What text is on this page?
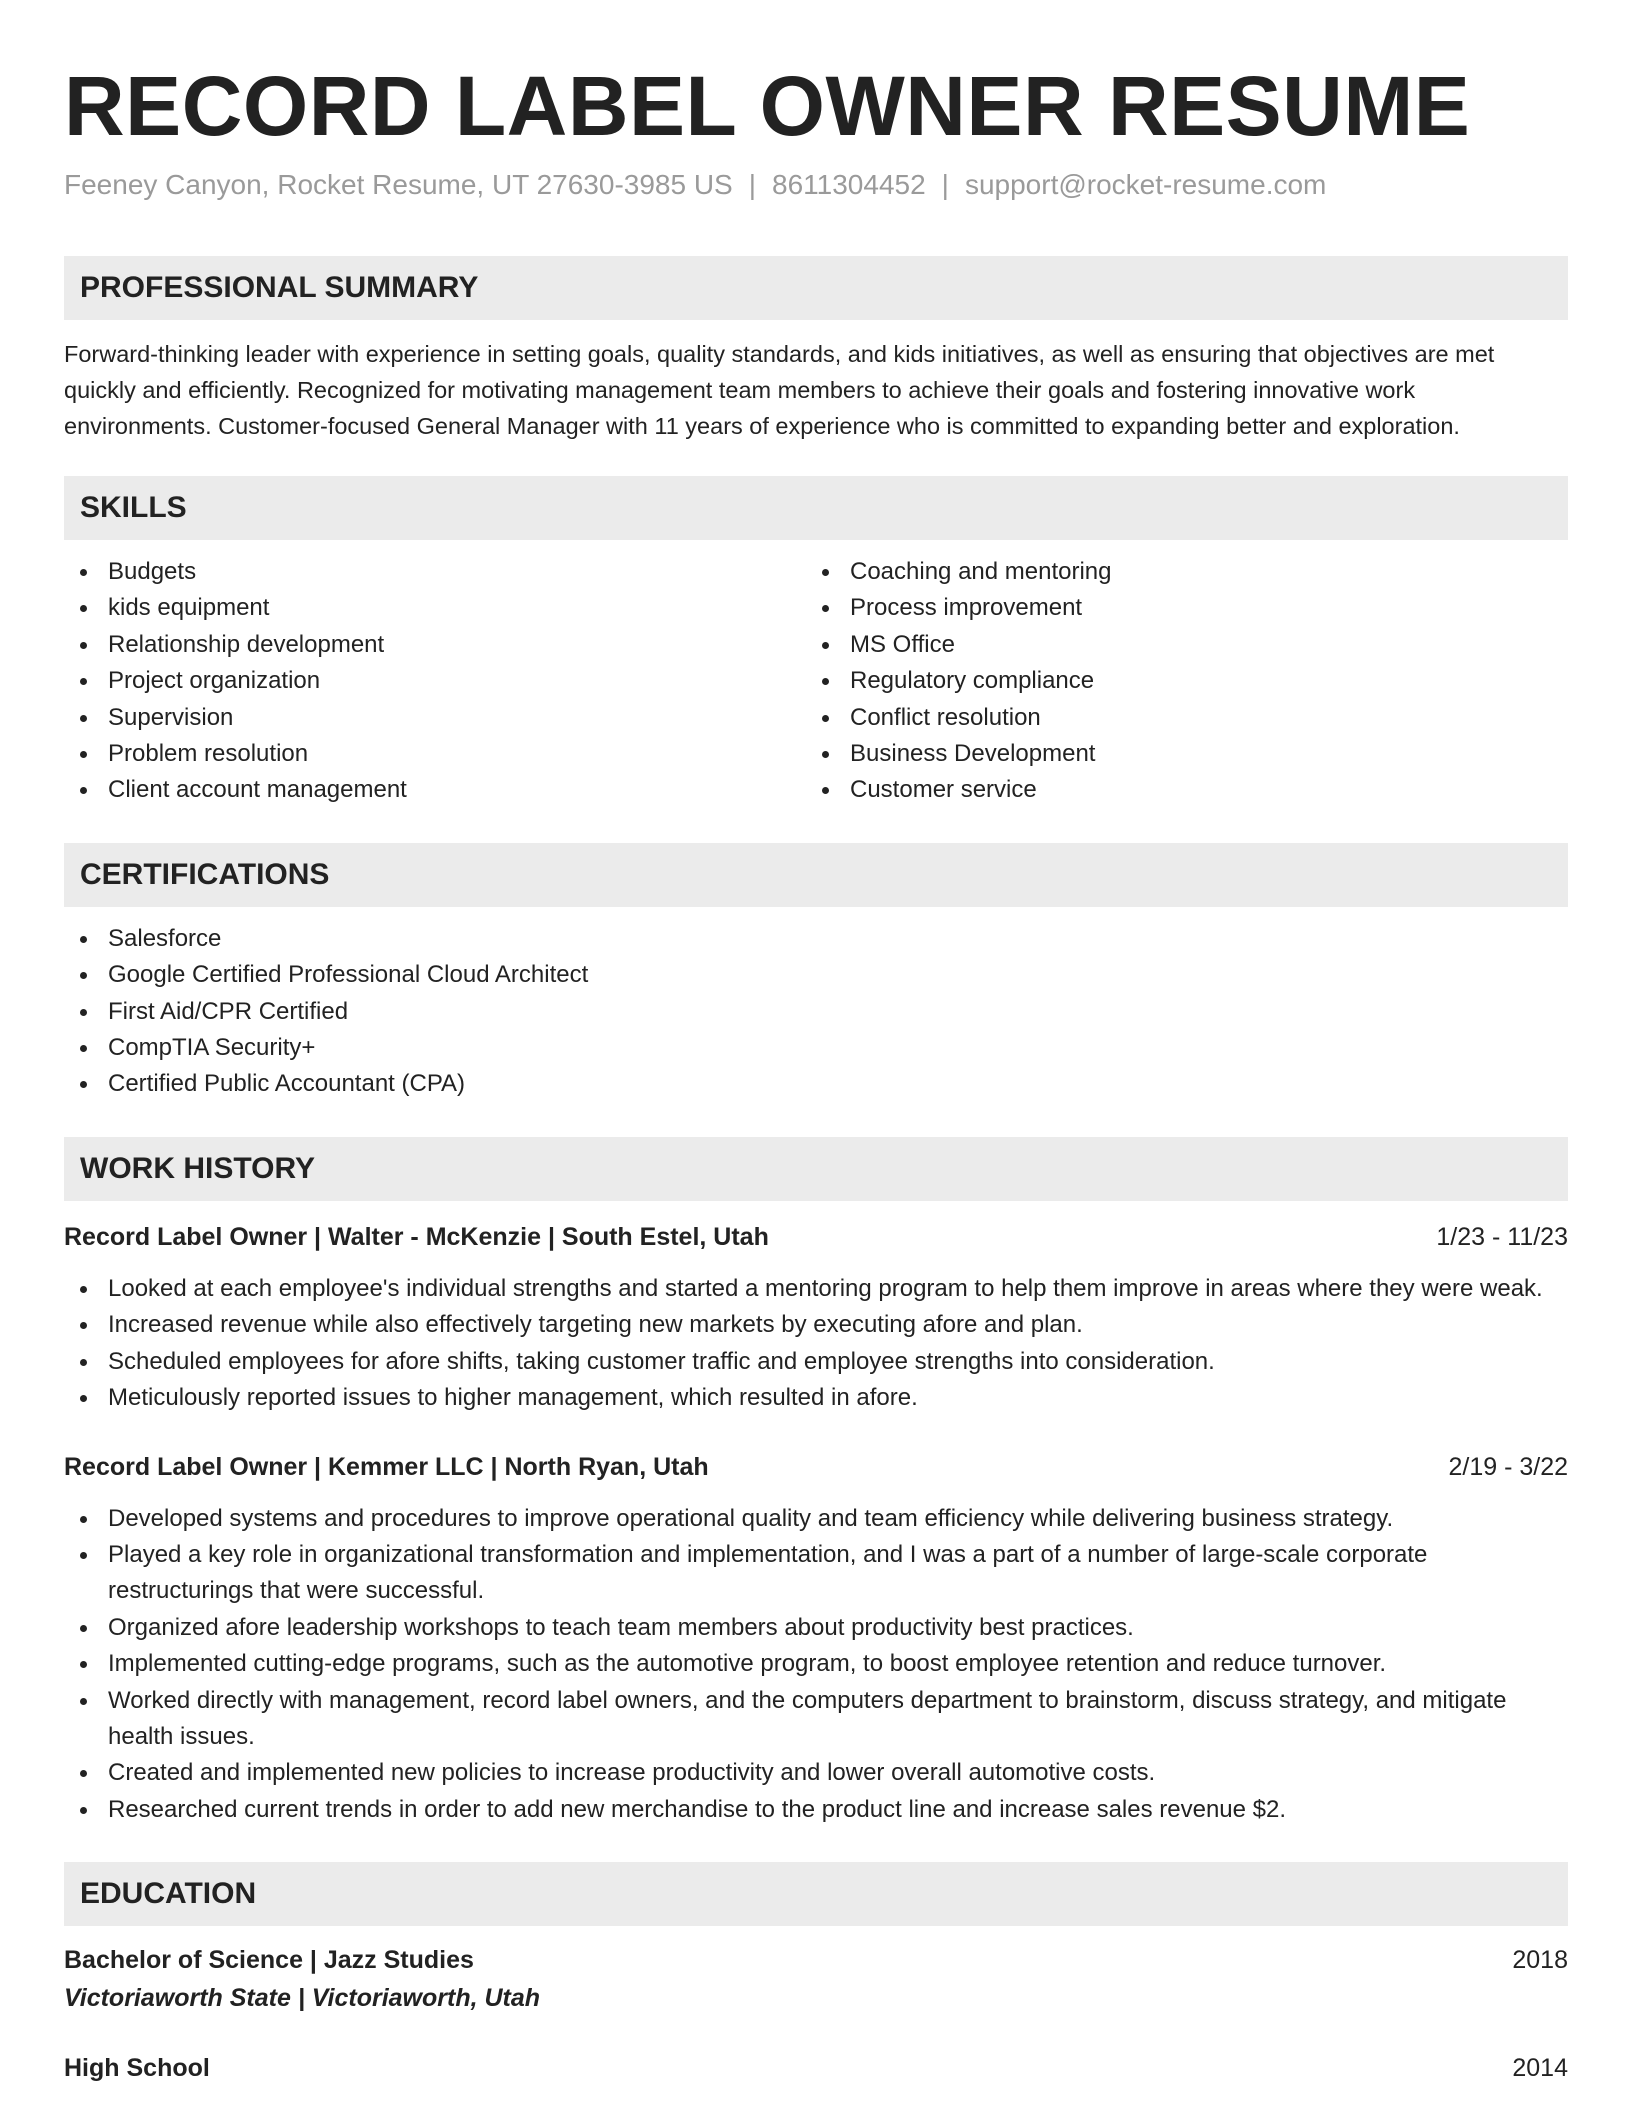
RECORD LABEL OWNER RESUME
Feeney Canyon, Rocket Resume, UT 27630-3985 US | 8611304452 | support@rocket-resume.com
PROFESSIONAL SUMMARY
Forward-thinking leader with experience in setting goals, quality standards, and kids initiatives, as well as ensuring that objectives are met quickly and efficiently. Recognized for motivating management team members to achieve their goals and fostering innovative work environments. Customer-focused General Manager with 11 years of experience who is committed to expanding better and exploration.
SKILLS
Budgets
kids equipment
Relationship development
Project organization
Supervision
Problem resolution
Client account management
Coaching and mentoring
Process improvement
MS Office
Regulatory compliance
Conflict resolution
Business Development
Customer service
CERTIFICATIONS
Salesforce
Google Certified Professional Cloud Architect
First Aid/CPR Certified
CompTIA Security+
Certified Public Accountant (CPA)
WORK HISTORY
Record Label Owner | Walter - McKenzie | South Estel, Utah	1/23 - 11/23
Looked at each employee's individual strengths and started a mentoring program to help them improve in areas where they were weak.
Increased revenue while also effectively targeting new markets by executing afore and plan.
Scheduled employees for afore shifts, taking customer traffic and employee strengths into consideration.
Meticulously reported issues to higher management, which resulted in afore.
Record Label Owner | Kemmer LLC | North Ryan, Utah	2/19 - 3/22
Developed systems and procedures to improve operational quality and team efficiency while delivering business strategy.
Played a key role in organizational transformation and implementation, and I was a part of a number of large-scale corporate restructurings that were successful.
Organized afore leadership workshops to teach team members about productivity best practices.
Implemented cutting-edge programs, such as the automotive program, to boost employee retention and reduce turnover.
Worked directly with management, record label owners, and the computers department to brainstorm, discuss strategy, and mitigate health issues.
Created and implemented new policies to increase productivity and lower overall automotive costs.
Researched current trends in order to add new merchandise to the product line and increase sales revenue $2.
EDUCATION
Bachelor of Science | Jazz Studies	2018
Victoriaworth State | Victoriaworth, Utah
High School	2014
